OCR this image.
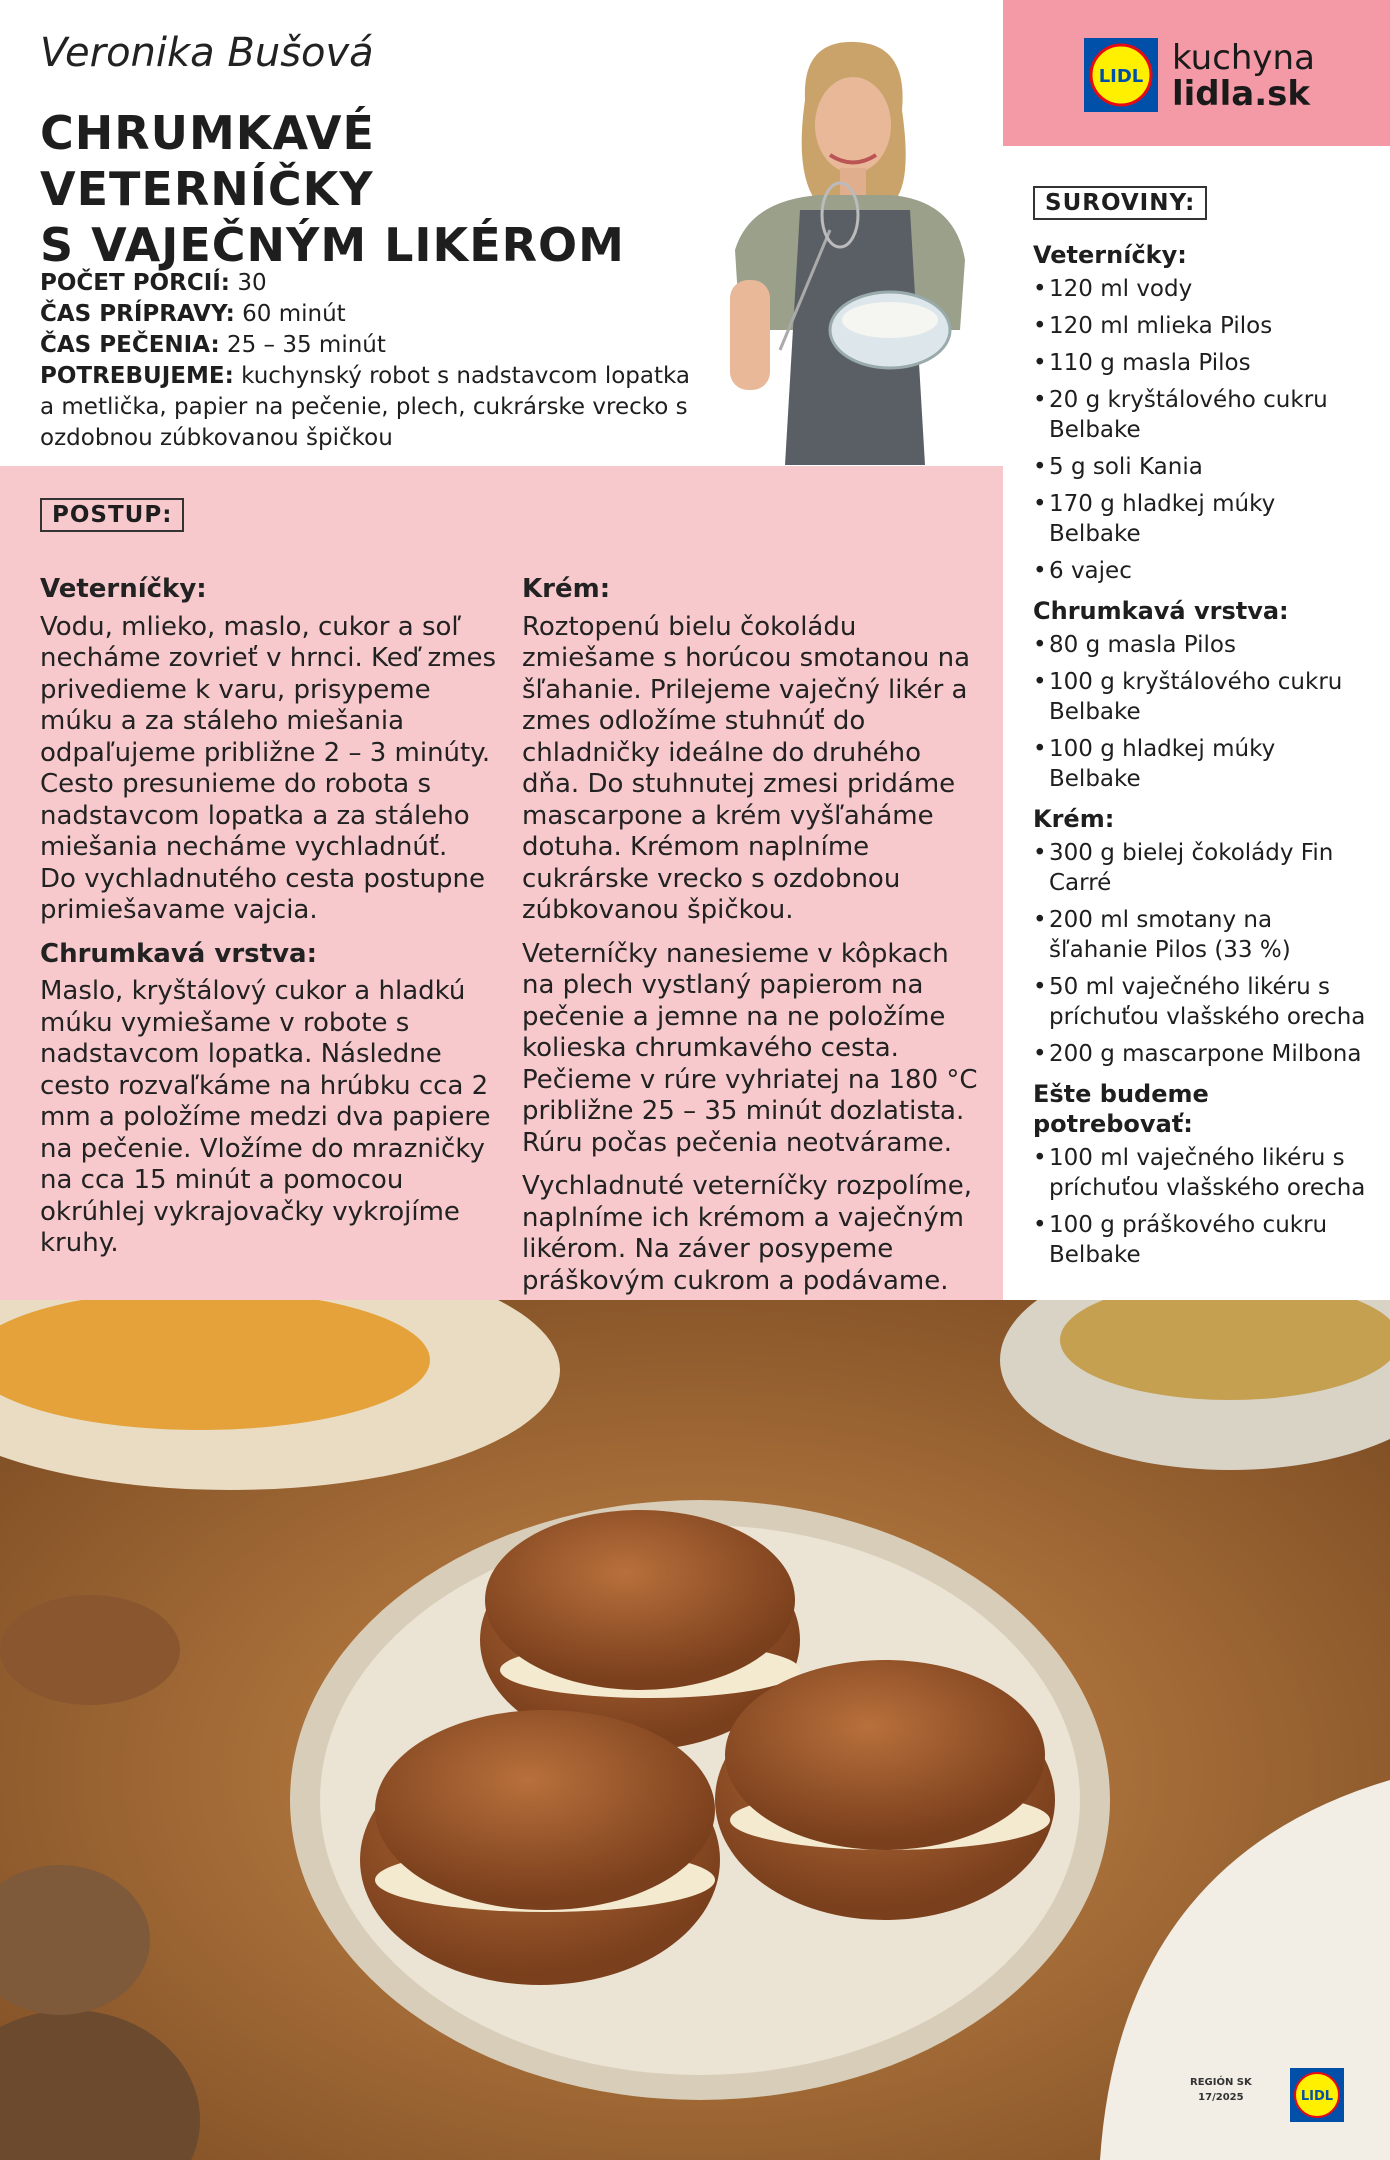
Veronika Bušová
CHRUMKAVÉ VETERNÍČKY
S VAJEČNÝM LIKÉROM
POČET PORCIÍ: 30
ČAS PRÍPRAVY: 60 minút
ČAS PEČENIA: 25 – 35 minút
POTREBUJEME: kuchynský robot s nadstavcom lopatka a metlička, papier na pečenie, plech, cukrárske vrecko s ozdobnou zúbkovanou špičkou
LIDL kuchyna
lidla.sk
POSTUP:
SUROVINY:
Veterníčky:

Vodu, mlieko, maslo, cukor a soľ necháme zovrieť v hrnci. Keď zmes privedieme k varu, prisypeme múku a za stáleho miešania odpaľujeme približne 2 – 3 minúty. Cesto presunieme do robota s nadstavcom lopatka a za stáleho miešania necháme vychladnúť.
Do vychladnutého cesta postupne primiešavame vajcia.

Chrumkavá vrstva:

Maslo, kryštálový cukor a hladkú múku vymiešame v robote s nadstavcom lopatka. Následne cesto rozvaľkáme na hrúbku cca 2 mm a položíme medzi dva papiere na pečenie. Vložíme do mrazničky na cca 15 minút a pomocou okrúhlej vykrajovačky vykrojíme kruhy.

Krém:

Roztopenú bielu čokoládu zmiešame s horúcou smotanou na šľahanie. Prilejeme vaječný likér a zmes odložíme stuhnúť do chladničky ideálne do druhého dňa. Do stuhnutej zmesi pridáme mascarpone a krém vyšľaháme dotuha. Krémom naplníme cukrárske vrecko s ozdobnou zúbkovanou špičkou.

Veterníčky nanesieme v kôpkach na plech vystlaný papierom na pečenie a jemne na ne položíme kolieska chrumkavého cesta. Pečieme v rúre vyhriatej na 180 °C približne 25 – 35 minút dozlatista. Rúru počas pečenia neotvárame.

Vychladnuté veterníčky rozpolíme, naplníme ich krémom a vaječným likérom. Na záver posypeme práškovým cukrom a podávame.

Veterníčky:
• 120 ml vody
• 120 ml mlieka Pilos
• 110 g masla Pilos
• 20 g kryštálového cukru Belbake
• 5 g soli Kania
• 170 g hladkej múky Belbake
• 6 vajec
Chrumkavá vrstva:
• 80 g masla Pilos
• 100 g kryštálového cukru Belbake
• 100 g hladkej múky Belbake
Krém:
• 300 g bielej čokolády Fin Carré
• 200 ml smotany na šľahanie Pilos (33 %)
• 50 ml vaječného likéru s príchuťou vlašského orecha
• 200 g mascarpone Milbona
Ešte budeme potrebovať:
• 100 ml vaječného likéru s príchuťou vlašského orecha
• 100 g práškového cukru Belbake
REGIÓN SK
17/2025	LIDL
